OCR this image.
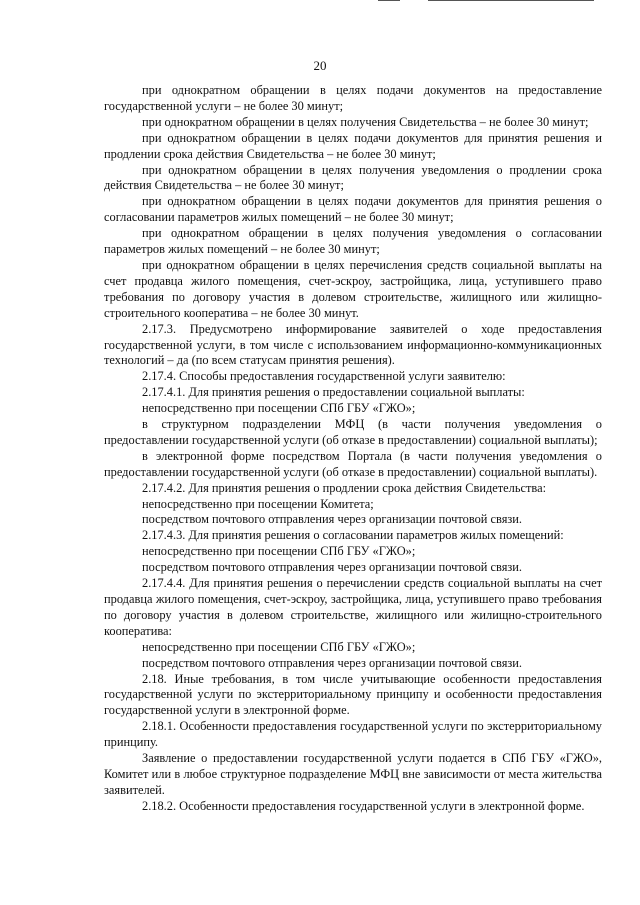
20

при однократном обращении в целях подачи документов на предоставление государственной услуги – не более 30 минут;

при однократном обращении в целях получения Свидетельства – не более 30 минут;

при однократном обращении в целях подачи документов для принятия решения и продлении срока действия Свидетельства – не более 30 минут;

при однократном обращении в целях получения уведомления о продлении срока действия Свидетельства – не более 30 минут;

при однократном обращении в целях подачи документов для принятия решения о согласовании параметров жилых помещений – не более 30 минут;

при однократном обращении в целях получения уведомления о согласовании параметров жилых помещений – не более 30 минут;

при однократном обращении в целях перечисления средств социальной выплаты на счет продавца жилого помещения, счет-эскроу, застройщика, лица, уступившего право требования по договору участия в долевом строительстве, жилищного или жилищно-строительного кооператива – не более 30 минут.

2.17.3. Предусмотрено информирование заявителей о ходе предоставления государственной услуги, в том числе с использованием информационно-коммуникационных технологий – да (по всем статусам принятия решения).

2.17.4. Способы предоставления государственной услуги заявителю:

2.17.4.1. Для принятия решения о предоставлении социальной выплаты:

непосредственно при посещении СПб ГБУ «ГЖО»;

в структурном подразделении МФЦ (в части получения уведомления о предоставлении государственной услуги (об отказе в предоставлении) социальной выплаты);

в электронной форме посредством Портала (в части получения уведомления о предоставлении государственной услуги (об отказе в предоставлении) социальной выплаты).

2.17.4.2. Для принятия решения о продлении срока действия Свидетельства:

непосредственно при посещении Комитета;

посредством почтового отправления через организации почтовой связи.

2.17.4.3. Для принятия решения о согласовании параметров жилых помещений:

непосредственно при посещении СПб ГБУ «ГЖО»;

посредством почтового отправления через организации почтовой связи.

2.17.4.4. Для принятия решения о перечислении средств социальной выплаты на счет продавца жилого помещения, счет-эскроу, застройщика, лица, уступившего право требования по договору участия в долевом строительстве, жилищного или жилищно-строительного кооператива:

непосредственно при посещении СПб ГБУ «ГЖО»;

посредством почтового отправления через организации почтовой связи.

2.18. Иные требования, в том числе учитывающие особенности предоставления государственной услуги по экстерриториальному принципу и особенности предоставления государственной услуги в электронной форме.

2.18.1. Особенности предоставления государственной услуги по экстерриториальному принципу.

Заявление о предоставлении государственной услуги подается в СПб ГБУ «ГЖО», Комитет или в любое структурное подразделение МФЦ вне зависимости от места жительства заявителей.

2.18.2. Особенности предоставления государственной услуги в электронной форме.
